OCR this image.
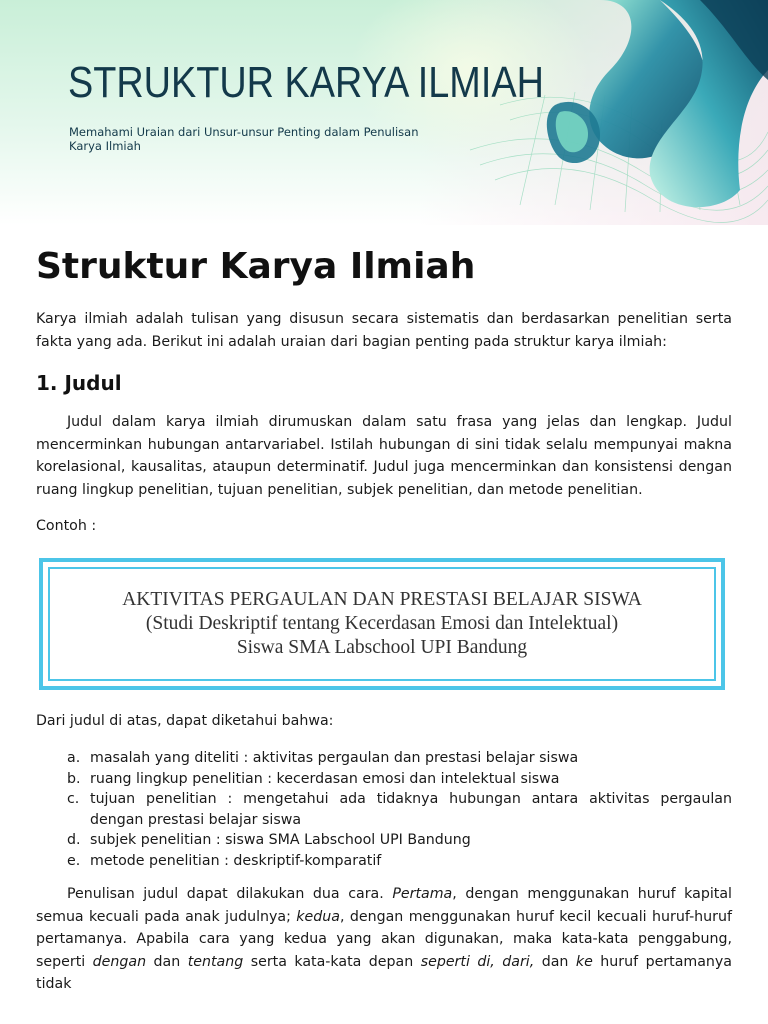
STRUKTUR KARYA ILMIAH
Memahami Uraian dari Unsur-unsur Penting dalam Penulisan Karya Ilmiah
Struktur Karya Ilmiah

Karya ilmiah adalah tulisan yang disusun secara sistematis dan berdasarkan penelitian serta fakta yang ada. Berikut ini adalah uraian dari bagian penting pada struktur karya ilmiah:

1. Judul

Judul dalam karya ilmiah dirumuskan dalam satu frasa yang jelas dan lengkap. Judul mencerminkan hubungan antarvariabel. Istilah hubungan di sini tidak selalu mempunyai makna korelasional, kausalitas, ataupun determinatif. Judul juga mencerminkan dan konsistensi dengan ruang lingkup penelitian, tujuan penelitian, subjek penelitian, dan metode penelitian.

Contoh :

AKTIVITAS PERGAULAN DAN PRESTASI BELAJAR SISWA
(Studi Deskriptif tentang Kecerdasan Emosi dan Intelektual)
Siswa SMA Labschool UPI Bandung

Dari judul di atas, dapat diketahui bahwa:

a. masalah yang diteliti : aktivitas pergaulan dan prestasi belajar siswa
b. ruang lingkup penelitian : kecerdasan emosi dan intelektual siswa
c. tujuan penelitian : mengetahui ada tidaknya hubungan antara aktivitas pergaulan dengan prestasi belajar siswa
d. subjek penelitian : siswa SMA Labschool UPI Bandung
e. metode penelitian : deskriptif-komparatif

Penulisan judul dapat dilakukan dua cara. Pertama, dengan menggunakan huruf kapital semua kecuali pada anak judulnya; kedua, dengan menggunakan huruf kecil kecuali huruf-huruf pertamanya. Apabila cara yang kedua yang akan digunakan, maka kata-kata penggabung, seperti dengan dan tentang serta kata-kata depan seperti di, dari, dan ke huruf pertamanya tidak
